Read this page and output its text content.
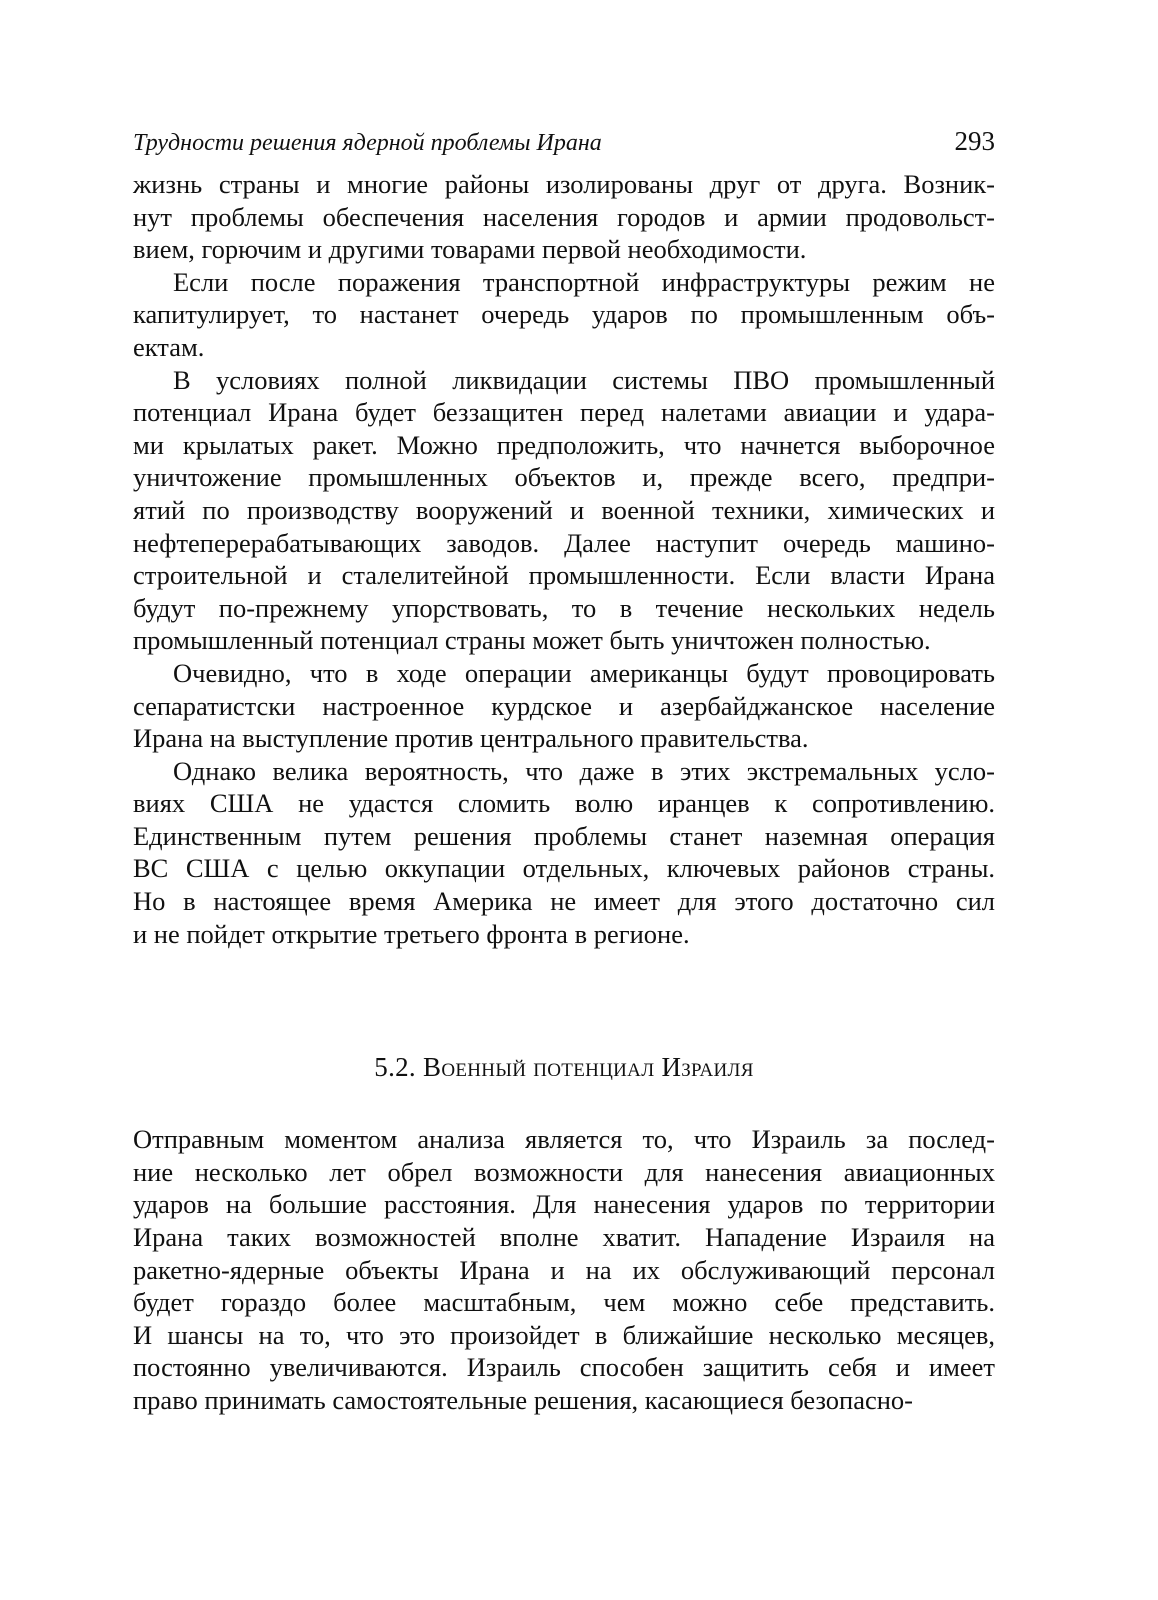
Трудности решения ядерной проблемы Ирана	293

жизнь страны и многие районы изолированы друг от друга. Возник-
нут проблемы обеспечения населения городов и армии продовольст-
вием, горючим и другими товарами первой необходимости.

Если после поражения транспортной инфраструктуры режим не
капитулирует, то настанет очередь ударов по промышленным объ-
ектам.

В условиях полной ликвидации системы ПВО промышленный
потенциал Ирана будет беззащитен перед налетами авиации и удара-
ми крылатых ракет. Можно предположить, что начнется выборочное
уничтожение промышленных объектов и, прежде всего, предпри-
ятий по производству вооружений и военной техники, химических и
нефтеперерабатывающих заводов. Далее наступит очередь машино-
строительной и сталелитейной промышленности. Если власти Ирана
будут по-прежнему упорствовать, то в течение нескольких недель
промышленный потенциал страны может быть уничтожен полностью.

Очевидно, что в ходе операции американцы будут провоцировать
сепаратистски настроенное курдское и азербайджанское население
Ирана на выступление против центрального правительства.

Однако велика вероятность, что даже в этих экстремальных усло-
виях США не удастся сломить волю иранцев к сопротивлению.
Единственным путем решения проблемы станет наземная операция
ВС США с целью оккупации отдельных, ключевых районов страны.
Но в настоящее время Америка не имеет для этого достаточно сил
и не пойдет открытие третьего фронта в регионе.

5.2. Военный потенциал Израиля

Отправным моментом анализа является то, что Израиль за послед-
ние несколько лет обрел возможности для нанесения авиационных
ударов на большие расстояния. Для нанесения ударов по территории
Ирана таких возможностей вполне хватит. Нападение Израиля на
ракетно-ядерные объекты Ирана и на их обслуживающий персонал
будет гораздо более масштабным, чем можно себе представить.
И шансы на то, что это произойдет в ближайшие несколько месяцев,
постоянно увеличиваются. Израиль способен защитить себя и имеет
право принимать самостоятельные решения, касающиеся безопасно-
